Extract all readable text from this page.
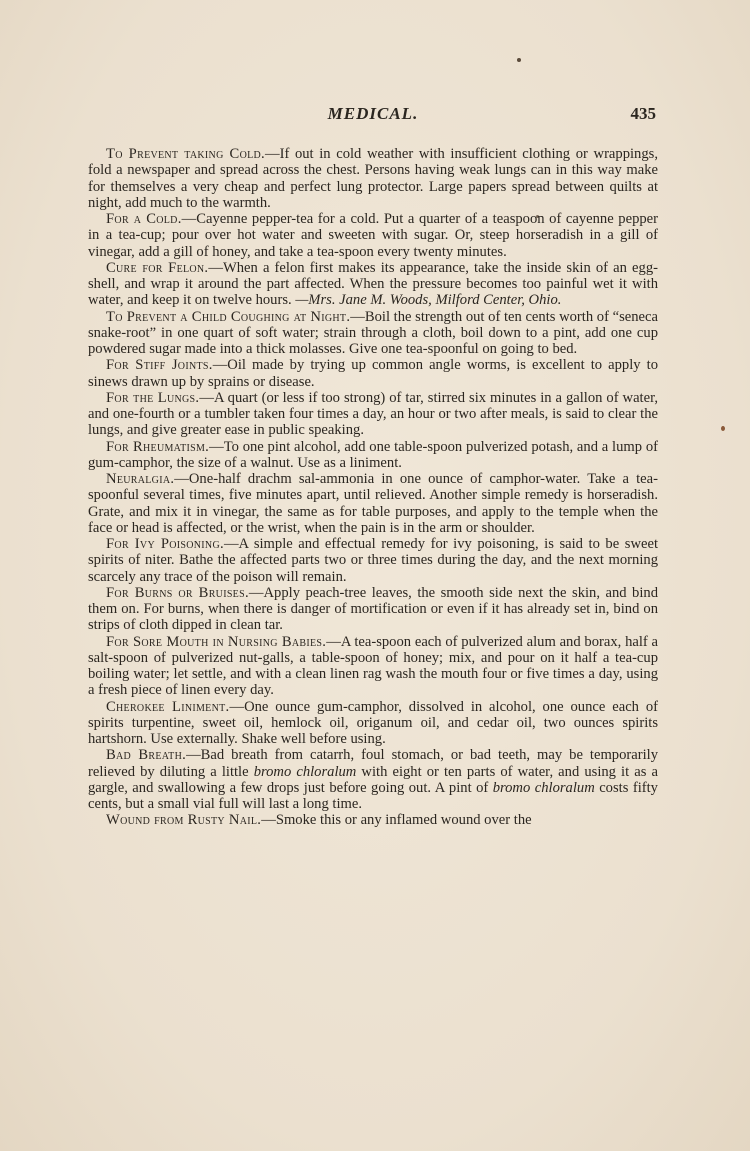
MEDICAL.	435

To Prevent taking Cold.—If out in cold weather with insufficient clothing or wrappings, fold a newspaper and spread across the chest. Persons having weak lungs can in this way make for themselves a very cheap and perfect lung protector. Large papers spread between quilts at night, add much to the warmth.

For a Cold.—Cayenne pepper-tea for a cold. Put a quarter of a teaspoon of cayenne pepper in a tea-cup; pour over hot water and sweeten with sugar. Or, steep horseradish in a gill of vinegar, add a gill of honey, and take a tea-spoon every twenty minutes.

Cure for Felon.—When a felon first makes its appearance, take the inside skin of an egg-shell, and wrap it around the part affected. When the pressure becomes too painful wet it with water, and keep it on twelve hours. —Mrs. Jane M. Woods, Milford Center, Ohio.

To Prevent a Child Coughing at Night.—Boil the strength out of ten cents worth of “seneca snake-root” in one quart of soft water; strain through a cloth, boil down to a pint, add one cup powdered sugar made into a thick molasses. Give one tea-spoonful on going to bed.

For Stiff Joints.—Oil made by trying up common angle worms, is excellent to apply to sinews drawn up by sprains or disease.

For the Lungs.—A quart (or less if too strong) of tar, stirred six minutes in a gallon of water, and one-fourth or a tumbler taken four times a day, an hour or two after meals, is said to clear the lungs, and give greater ease in public speaking.

For Rheumatism.—To one pint alcohol, add one table-spoon pulverized potash, and a lump of gum-camphor, the size of a walnut. Use as a liniment.

Neuralgia.—One-half drachm sal-ammonia in one ounce of camphor-water. Take a tea-spoonful several times, five minutes apart, until relieved. Another simple remedy is horseradish. Grate, and mix it in vinegar, the same as for table purposes, and apply to the temple when the face or head is affected, or the wrist, when the pain is in the arm or shoulder.

For Ivy Poisoning.—A simple and effectual remedy for ivy poisoning, is said to be sweet spirits of niter. Bathe the affected parts two or three times during the day, and the next morning scarcely any trace of the poison will remain.

For Burns or Bruises.—Apply peach-tree leaves, the smooth side next the skin, and bind them on. For burns, when there is danger of mortification or even if it has already set in, bind on strips of cloth dipped in clean tar.

For Sore Mouth in Nursing Babies.—A tea-spoon each of pulverized alum and borax, half a salt-spoon of pulverized nut-galls, a table-spoon of honey; mix, and pour on it half a tea-cup boiling water; let settle, and with a clean linen rag wash the mouth four or five times a day, using a fresh piece of linen every day.

Cherokee Liniment.—One ounce gum-camphor, dissolved in alcohol, one ounce each of spirits turpentine, sweet oil, hemlock oil, origanum oil, and cedar oil, two ounces spirits hartshorn. Use externally. Shake well before using.

Bad Breath.—Bad breath from catarrh, foul stomach, or bad teeth, may be temporarily relieved by diluting a little bromo chloralum with eight or ten parts of water, and using it as a gargle, and swallowing a few drops just before going out. A pint of bromo chloralum costs fifty cents, but a small vial full will last a long time.

Wound from Rusty Nail.—Smoke this or any inflamed wound over the
